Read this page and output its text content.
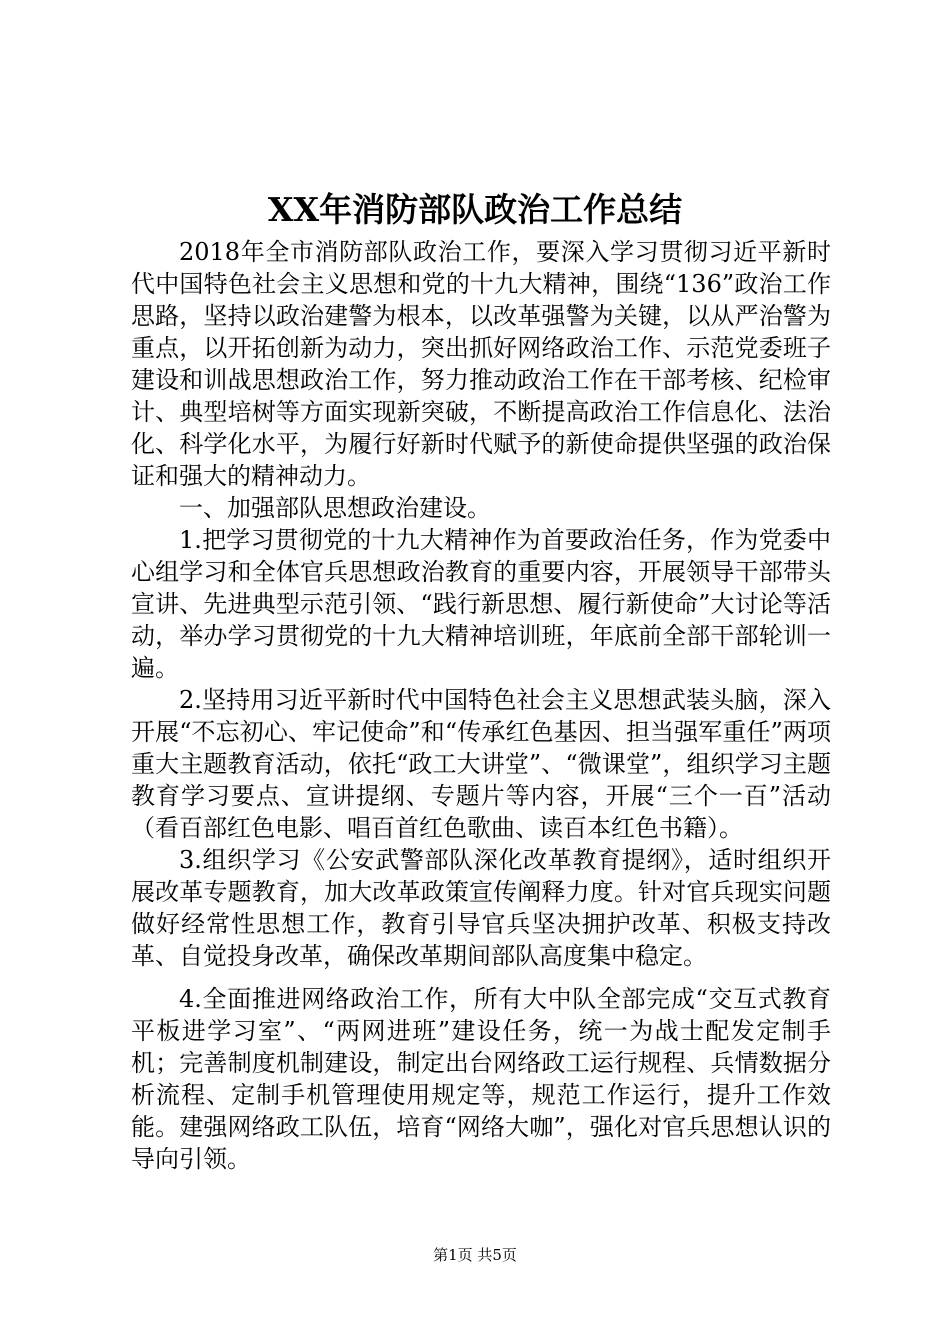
XX年消防部队政治工作总结

2018年全市消防部队政治工作，要深入学习贯彻习近平新时代中国特色社会主义思想和党的十九大精神，围绕“136”政治工作思路，坚持以政治建警为根本，以改革强警为关键，以从严治警为重点，以开拓创新为动力，突出抓好网络政治工作、示范党委班子建设和训战思想政治工作，努力推动政治工作在干部考核、纪检审计、典型培树等方面实现新突破，不断提高政治工作信息化、法治化、科学化水平，为履行好新时代赋予的新使命提供坚强的政治保证和强大的精神动力。

一、加强部队思想政治建设。

1.把学习贯彻党的十九大精神作为首要政治任务，作为党委中心组学习和全体官兵思想政治教育的重要内容，开展领导干部带头宣讲、先进典型示范引领、“践行新思想、履行新使命”大讨论等活动，举办学习贯彻党的十九大精神培训班，年底前全部干部轮训一遍。

2.坚持用习近平新时代中国特色社会主义思想武装头脑，深入开展“不忘初心、牢记使命”和“传承红色基因、担当强军重任”两项重大主题教育活动，依托“政工大讲堂”、“微课堂”，组织学习主题教育学习要点、宣讲提纲、专题片等内容，开展“三个一百”活动（看百部红色电影、唱百首红色歌曲、读百本红色书籍）。

3.组织学习《公安武警部队深化改革教育提纲》，适时组织开展改革专题教育，加大改革政策宣传阐释力度。针对官兵现实问题做好经常性思想工作，教育引导官兵坚决拥护改革、积极支持改革、自觉投身改革，确保改革期间部队高度集中稳定。

4.全面推进网络政治工作，所有大中队全部完成“交互式教育平板进学习室”、“两网进班”建设任务，统一为战士配发定制手机；完善制度机制建设，制定出台网络政工运行规程、兵情数据分析流程、定制手机管理使用规定等，规范工作运行，提升工作效能。建强网络政工队伍，培育“网络大咖”，强化对官兵思想认识的导向引领。

第1页 共5页
